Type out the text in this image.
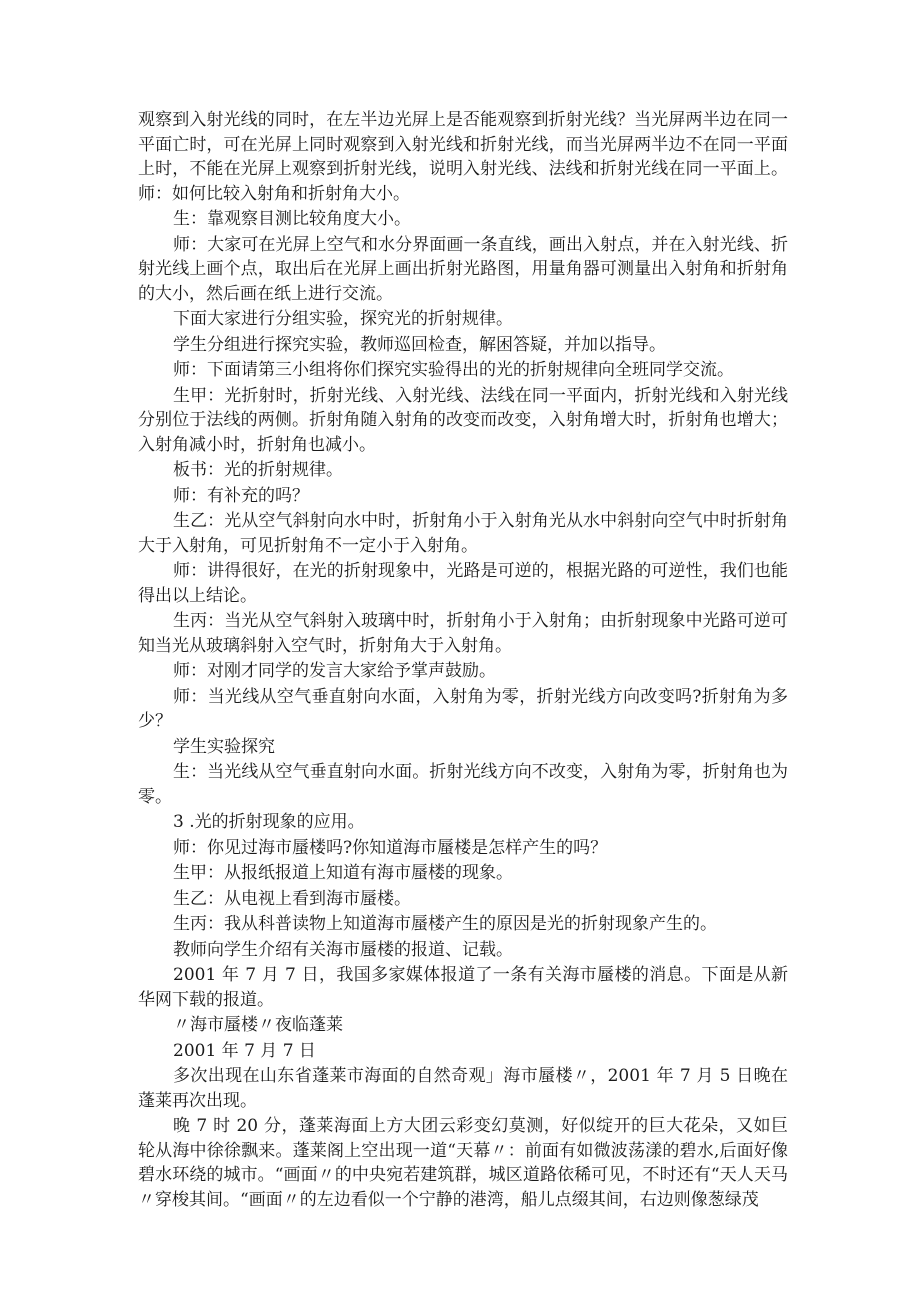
观察到入射光线的同时，在左半边光屏上是否能观察到折射光线？当光屏两半边在同一平面亡时，可在光屏上同时观察到入射光线和折射光线，而当光屏两半边不在同一平面上时，不能在光屏上观察到折射光线，说明入射光线、法线和折射光线在同一平面上。师：如何比较入射角和折射角大小。

生：靠观察目测比较角度大小。

师：大家可在光屏上空气和水分界面画一条直线，画出入射点，并在入射光线、折射光线上画个点，取出后在光屏上画出折射光路图，用量角器可测量出入射角和折射角的大小，然后画在纸上进行交流。

下面大家进行分组实验，探究光的折射规律。

学生分组进行探究实验，教师巡回检查，解困答疑，并加以指导。

师：下面请第三小组将你们探究实验得出的光的折射规律向全班同学交流。

生甲：光折射时，折射光线、入射光线、法线在同一平面内，折射光线和入射光线分别位于法线的两侧。折射角随入射角的改变而改变，入射角增大时，折射角也增大；入射角减小时，折射角也减小。

板书：光的折射规律。

师：有补充的吗？

生乙：光从空气斜射向水中时，折射角小于入射角光从水中斜射向空气中时折射角大于入射角，可见折射角不一定小于入射角。

师：讲得很好，在光的折射现象中，光路是可逆的，根据光路的可逆性，我们也能得出以上结论。

生丙：当光从空气斜射入玻璃中时，折射角小于入射角；由折射现象中光路可逆可知当光从玻璃斜射入空气时，折射角大于入射角。

师：对刚才同学的发言大家给予掌声鼓励。

师：当光线从空气垂直射向水面，入射角为零，折射光线方向改变吗?折射角为多少？

学生实验探究

生：当光线从空气垂直射向水面。折射光线方向不改变，入射角为零，折射角也为零。

3 .光的折射现象的应用。

师：你见过海市蜃楼吗?你知道海市蜃楼是怎样产生的吗？

生甲：从报纸报道上知道有海市蜃楼的现象。

生乙：从电视上看到海市蜃楼。

生丙：我从科普读物上知道海市蜃楼产生的原因是光的折射现象产生的。

教师向学生介绍有关海市蜃楼的报道、记载。

2001 年 7 月 7 日，我国多家媒体报道了一条有关海市蜃楼的消息。下面是从新华网下载的报道。

〃海市蜃楼〃夜临蓬莱

2001 年 7 月 7 日

多次出现在山东省蓬莱市海面的自然奇观」海市蜃楼〃，2001 年 7 月 5 日晚在蓬莱再次出现。

晚 7 时 20 分，蓬莱海面上方大团云彩变幻莫测，好似绽开的巨大花朵，又如巨轮从海中徐徐飘来。蓬莱阁上空出现一道“天幕〃：前面有如微波荡漾的碧水,后面好像碧水环绕的城市。“画面〃的中央宛若建筑群，城区道路依稀可见，不时还有“天人天马〃穿梭其间。“画面〃的左边看似一个宁静的港湾，船儿点缀其间，右边则像葱绿茂
